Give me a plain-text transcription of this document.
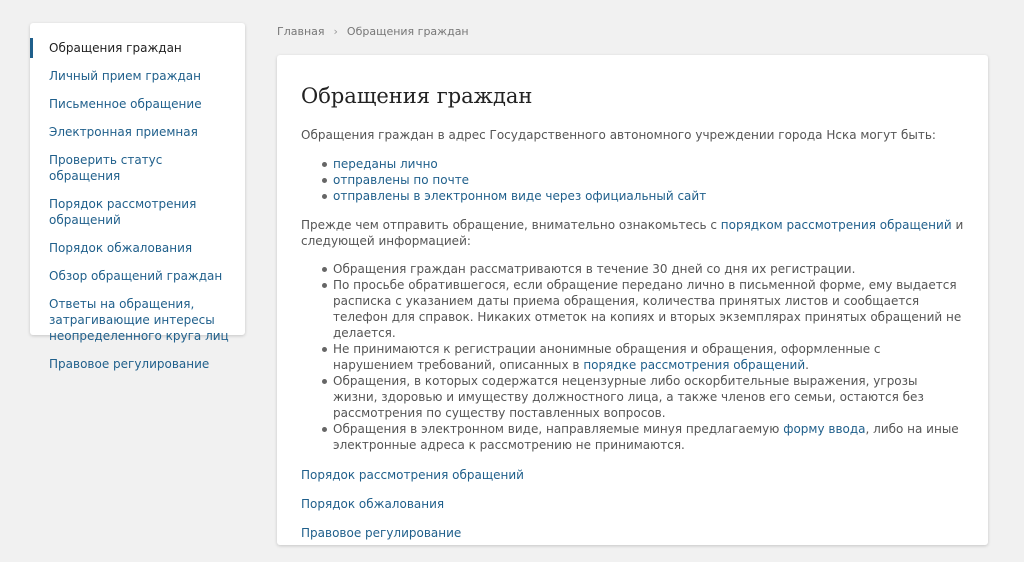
Обращения граждан
Личный прием граждан
Письменное обращение
Электронная приемная
Проверить статус обращения
Порядок рассмотрения обращений
Порядок обжалования
Обзор обращений граждан
Ответы на обращения, затрагивающие интересы неопределенного круга лиц
Правовое регулирование
Главная › Обращения граждан
Обращения граждан

Обращения граждан в адрес Государственного автономного учреждении города Нска могут быть:

переданы лично
отправлены по почте
отправлены в электронном виде через официальный сайт

Прежде чем отправить обращение, внимательно ознакомьтесь с порядком рассмотрения обращений и следующей информацией:

Обращения граждан рассматриваются в течение 30 дней со дня их регистрации.
По просьбе обратившегося, если обращение передано лично в письменной форме, ему выдается расписка с указанием даты приема обращения, количества принятых листов и сообщается телефон для справок. Никаких отметок на копиях и вторых экземплярах принятых обращений не делается.
Не принимаются к регистрации анонимные обращения и обращения, оформленные с нарушением требований, описанных в порядке рассмотрения обращений.
Обращения, в которых содержатся нецензурные либо оскорбительные выражения, угрозы жизни, здоровью и имуществу должностного лица, а также членов его семьи, остаются без рассмотрения по существу поставленных вопросов.
Обращения в электронном виде, направляемые минуя предлагаемую форму ввода, либо на иные электронные адреса к рассмотрению не принимаются.
Порядок рассмотрения обращений
Порядок обжалования
Правовое регулирование
